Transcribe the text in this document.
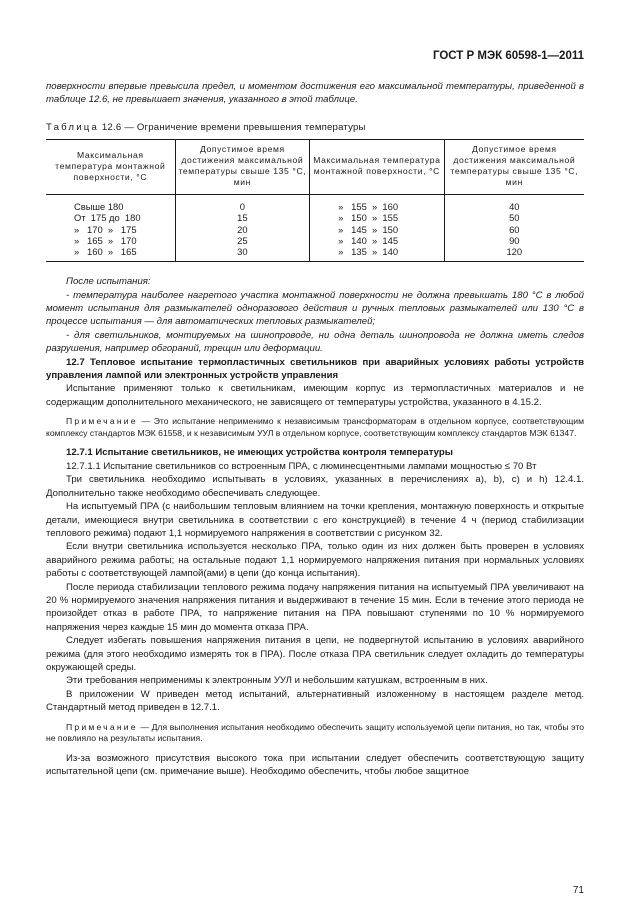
ГОСТ Р МЭК 60598-1—2011

поверхности впервые превысила предел, и моментом достижения его максимальной температуры, приведенной в таблице 12.6, не превышает значения, указанного в этой таблице.

Таблица 12.6 — Ограничение времени превышения температуры
Максимальная температура монтажной поверхности, °С	Допустимое время достижения максимальной температуры свыше 135 °С, мин	Максимальная температура монтажной поверхности, °С	Допустимое время достижения максимальной температуры свыше 135 °С, мин
Свыше 180	0	»   155  »  160	40
От  175 до  180	15	»   150  »  155	50
»   170  »   175	20	»   145  »  150	60
»   165  »   170	25	»   140  »  145	90
»   160  »   165	30	»   135  »  140	120

После испытания:

- температура наиболее нагретого участка монтажной поверхности не должна превышать 180 °С в любой момент испытания для размыкателей одноразового действия и ручных тепловых размыкателей или 130 °С в процессе испытания — для автоматических тепловых размыкателей;

- для светильников, монтируемых на шинопроводе, ни одна деталь шинопровода не должна иметь следов разрушения, например обгораний, трещин или деформации.

12.7 Тепловое испытание термопластичных светильников при аварийных условиях работы устройств управления лампой или электронных устройств управления

Испытание применяют только к светильникам, имеющим корпус из термопластичных материалов и не содержащим дополнительного механического, не зависящего от температуры устройства, указанного в 4.15.2.

Примечание — Это испытание неприменимо к независимым трансформаторам в отдельном корпусе, соответствующим комплексу стандартов МЭК 61558, и к независимым УУЛ в отдельном корпусе, соответствующим комплексу стандартов МЭК 61347.

12.7.1 Испытание светильников, не имеющих устройства контроля температуры

12.7.1.1 Испытание светильников со встроенным ПРА, с люминесцентными лампами мощностью ≤ 70 Вт

Три светильника необходимо испытывать в условиях, указанных в перечислениях а), b), с) и h) 12.4.1. Дополнительно также необходимо обеспечивать следующее.

На испытуемый ПРА (с наибольшим тепловым влиянием на точки крепления, монтажную поверхность и открытые детали, имеющиеся внутри светильника в соответствии с его конструкцией) в течение 4 ч (период стабилизации теплового режима) подают 1,1 нормируемого напряжения в соответствии с рисунком 32.

Если внутри светильника используется несколько ПРА, только один из них должен быть проверен в условиях аварийного режима работы; на остальные подают 1,1 нормируемого напряжения питания при нормальных условиях работы с соответствующей лампой(ами) в цепи (до конца испытания).

После периода стабилизации теплового режима подачу напряжения питания на испытуемый ПРА увеличивают на 20 % нормируемого значения напряжения питания и выдерживают в течение 15 мин. Если в течение этого периода не произойдет отказ в работе ПРА, то напряжение питания на ПРА повышают ступенями по 10 % нормируемого напряжения через каждые 15 мин до момента отказа ПРА.

Следует избегать повышения напряжения питания в цепи, не подвергнутой испытанию в условиях аварийного режима (для этого необходимо измерять ток в ПРА). После отказа ПРА светильник следует охладить до температуры окружающей среды.

Эти требования неприменимы к электронным УУЛ и небольшим катушкам, встроенным в них.

В приложении W приведен метод испытаний, альтернативный изложенному в настоящем разделе метод. Стандартный метод приведен в 12.7.1.

Примечание — Для выполнения испытания необходимо обеспечить защиту используемой цепи питания, но так, чтобы это не повлияло на результаты испытания.

Из-за возможного присутствия высокого тока при испытании следует обеспечить соответствующую защиту испытательной цепи (см. примечание выше). Необходимо обеспечить, чтобы любое защитное

71
